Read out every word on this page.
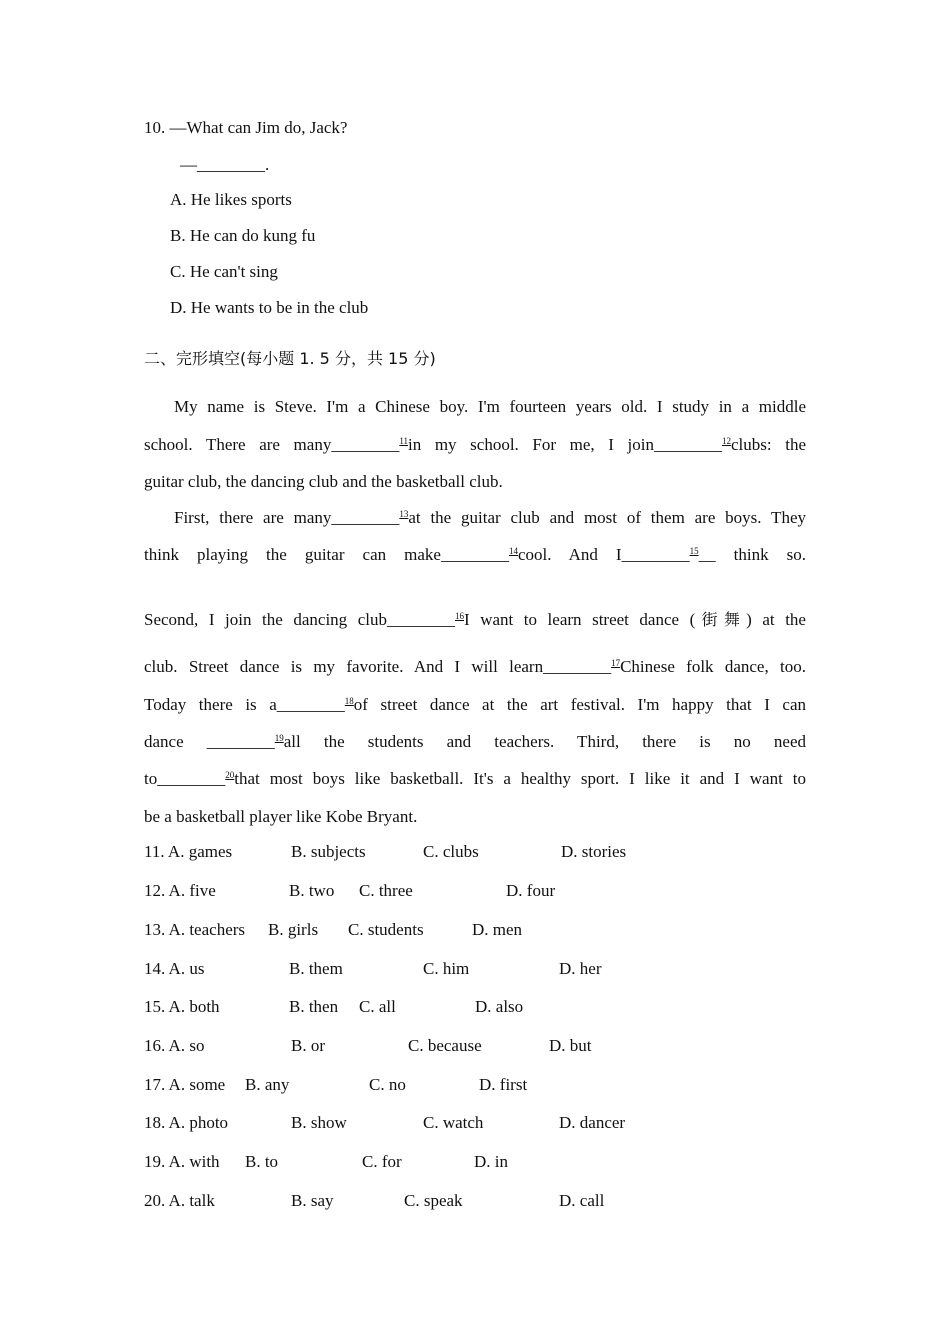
10. —What can Jim do, Jack?
—________.
A. He likes sports
B. He can do kung fu
C. He can't sing
D. He wants to be in the club
二、完形填空(每小题 1. 5 分，共 15 分)
My name is Steve. I'm a Chinese boy. I'm fourteen years old. I study in a middle
school. There are many________$^{11}$in my school. For me, I join________$^{12}$clubs: the
guitar club, the dancing club and the basketball club.
First, there are many________$^{13}$at the guitar club and most of them are boys. They
think playing the guitar can make________$^{14}$cool. And I________$^{15}$__ think so.
Second, I join the dancing club________$^{16}$I want to learn street dance (街舞) at the
club. Street dance is my favorite. And I will learn________$^{17}$Chinese folk dance, too.
Today there is a________$^{18}$of street dance at the art festival. I'm happy that I can
dance ________$^{19}$all the students and teachers. Third, there is no need
to________$^{20}$that most boys like basketball. It's a healthy sport. I like it and I want to
be a basketball player like Kobe Bryant.
11. A. games	B. subjects	C. clubs	D. stories
12. A. five	B. two C. three	D. four
13. A. teachers B. girls C. students	D. men
14. A. us	B. them	C. him	D. her
15. A. both	B. then C. all	D. also
16. A. so	B. or	C. because	D. but
17. A. some B. any	C. no	D. first
18. A. photo	B. show	C. watch	D. dancer
19. A. with B. to	C. for	D. in
20. A. talk	B. say	C. speak	D. call
